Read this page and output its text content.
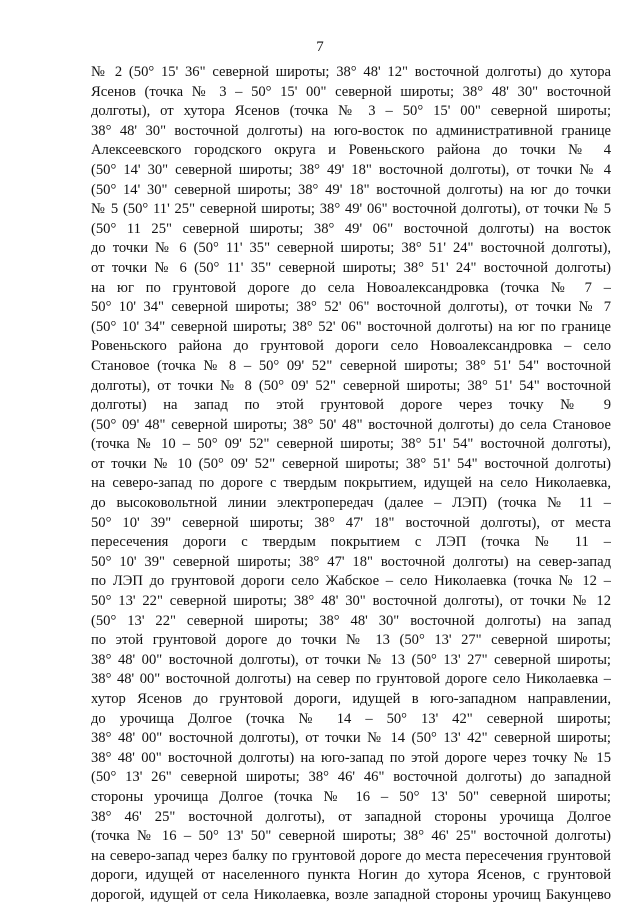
7
№ 2 (50° 15' 36" северной широты; 38° 48' 12" восточной долготы) до хутора
Ясенов (точка № 3 – 50° 15' 00" северной широты; 38° 48' 30" восточной
долготы), от хутора Ясенов (точка № 3 – 50° 15' 00" северной широты;
38° 48' 30" восточной долготы) на юго-восток по административной границе
Алексеевского городского округа и Ровеньского района до точки № 4
(50° 14' 30" северной широты; 38° 49' 18" восточной долготы), от точки № 4
(50° 14' 30" северной широты; 38° 49' 18" восточной долготы) на юг до точки
№ 5 (50° 11' 25" северной широты; 38° 49' 06" восточной долготы), от точки № 5
(50° 11 25" северной широты; 38° 49' 06" восточной долготы) на восток
до точки № 6 (50° 11' 35" северной широты; 38° 51' 24" восточной долготы),
от точки № 6 (50° 11' 35" северной широты; 38° 51' 24" восточной долготы)
на юг по грунтовой дороге до села Новоалександровка (точка № 7 –
50° 10' 34" северной широты; 38° 52' 06" восточной долготы), от точки № 7
(50° 10' 34" северной широты; 38° 52' 06" восточной долготы) на юг по границе
Ровеньского района до грунтовой дороги село Новоалександровка – село
Становое (точка № 8 – 50° 09' 52" северной широты; 38° 51' 54" восточной
долготы), от точки № 8 (50° 09' 52" северной широты; 38° 51' 54" восточной
долготы) на запад по этой грунтовой дороге через точку № 9
(50° 09' 48" северной широты; 38° 50' 48" восточной долготы) до села Становое
(точка № 10 – 50° 09' 52" северной широты; 38° 51' 54" восточной долготы),
от точки № 10 (50° 09' 52" северной широты; 38° 51' 54" восточной долготы)
на северо-запад по дороге с твердым покрытием, идущей на село Николаевка,
до высоковольтной линии электропередач (далее – ЛЭП) (точка № 11 –
50° 10' 39" северной широты; 38° 47' 18" восточной долготы), от места
пересечения дороги с твердым покрытием с ЛЭП (точка № 11 –
50° 10' 39" северной широты; 38° 47' 18" восточной долготы) на север-запад
по ЛЭП до грунтовой дороги село Жабское – село Николаевка (точка № 12 –
50° 13' 22" северной широты; 38° 48' 30" восточной долготы), от точки № 12
(50° 13' 22" северной широты; 38° 48' 30" восточной долготы) на запад
по этой грунтовой дороге до точки № 13 (50° 13' 27" северной широты;
38° 48' 00" восточной долготы), от точки № 13 (50° 13' 27" северной широты;
38° 48' 00" восточной долготы) на север по грунтовой дороге село Николаевка –
хутор Ясенов до грунтовой дороги, идущей в юго-западном направлении,
до урочища Долгое (точка № 14 – 50° 13' 42" северной широты;
38° 48' 00" восточной долготы), от точки № 14 (50° 13' 42" северной широты;
38° 48' 00" восточной долготы) на юго-запад по этой дороге через точку № 15
(50° 13' 26" северной широты; 38° 46' 46" восточной долготы) до западной
стороны урочища Долгое (точка № 16 – 50° 13' 50" северной широты;
38° 46' 25" восточной долготы), от западной стороны урочища Долгое
(точка № 16 – 50° 13' 50" северной широты; 38° 46' 25" восточной долготы)
на северо-запад через балку по грунтовой дороге до места пересечения грунтовой
дороги, идущей от населенного пункта Ногин до хутора Ясенов, с грунтовой
дорогой, идущей от села Николаевка, возле западной стороны урочищ Бакунцево
